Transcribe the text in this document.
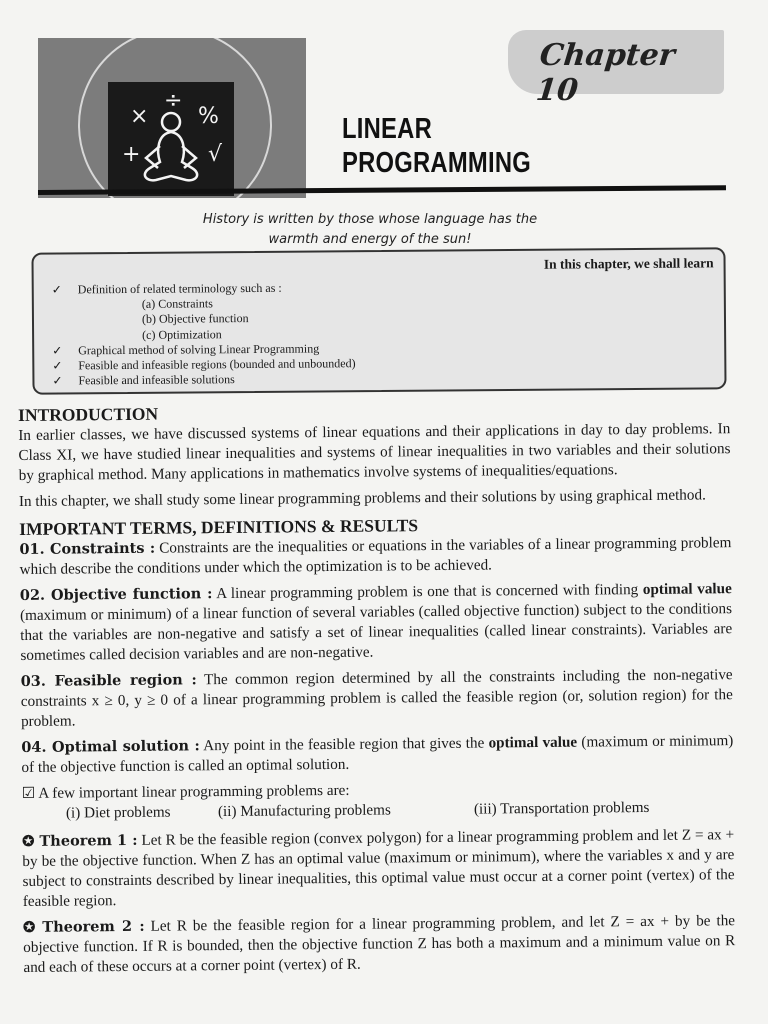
×
÷
%
+	√
Chapter 10
LINEAR
PROGRAMMING
History is written by those whose language has the
warmth and energy of the sun!
In this chapter, we shall learn
✓ Definition of related terminology such as :
(a) Constraints
(b) Objective function
(c) Optimization
✓ Graphical method of solving Linear Programming
✓ Feasible and infeasible regions (bounded and unbounded)
✓ Feasible and infeasible solutions
INTRODUCTION

In earlier classes, we have discussed systems of linear equations and their applications in day to day problems. In Class XI, we have studied linear inequalities and systems of linear inequalities in two variables and their solutions by graphical method. Many applications in mathematics involve systems of inequalities/equations.

In this chapter, we shall study some linear programming problems and their solutions by using graphical method.

IMPORTANT TERMS, DEFINITIONS & RESULTS

01. Constraints : Constraints are the inequalities or equations in the variables of a linear programming problem which describe the conditions under which the optimization is to be achieved.

02. Objective function : A linear programming problem is one that is concerned with finding optimal value (maximum or minimum) of a linear function of several variables (called objective function) subject to the conditions that the variables are non-negative and satisfy a set of linear inequalities (called linear constraints). Variables are sometimes called decision variables and are non-negative.

03. Feasible region : The common region determined by all the constraints including the non-negative constraints x ≥ 0, y ≥ 0 of a linear programming problem is called the feasible region (or, solution region) for the problem.

04. Optimal solution : Any point in the feasible region that gives the optimal value (maximum or minimum) of the objective function is called an optimal solution.

☑ A few important linear programming problems are:

(i) Diet problems	(ii) Manufacturing problems	(iii) Transportation problems

✪ Theorem 1 : Let R be the feasible region (convex polygon) for a linear programming problem and let Z = ax + by be the objective function. When Z has an optimal value (maximum or minimum), where the variables x and y are subject to constraints described by linear inequalities, this optimal value must occur at a corner point (vertex) of the feasible region.

✪ Theorem 2 : Let R be the feasible region for a linear programming problem, and let Z = ax + by be the objective function. If R is bounded, then the objective function Z has both a maximum and a minimum value on R and each of these occurs at a corner point (vertex) of R.
